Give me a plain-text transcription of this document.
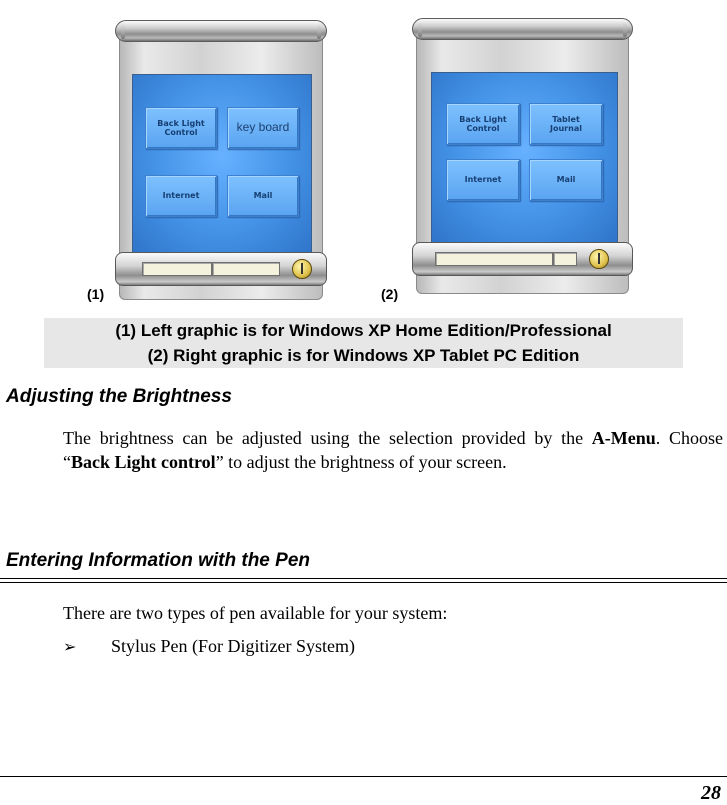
Back Light
Control	key board
Internet	Mail
Back Light
Control
Tablet
Journal
Internet	Mail
(1)	(2)
(1) Left graphic is for Windows XP Home Edition/Professional
(2) Right graphic is for Windows XP Tablet PC Edition
Adjusting the Brightness

The brightness can be adjusted using the selection provided by the A-Menu. Choose “Back Light control” to adjust the brightness of your screen.

Entering Information with the Pen

There are two types of pen available for your system:

➢ Stylus Pen (For Digitizer System)
28
